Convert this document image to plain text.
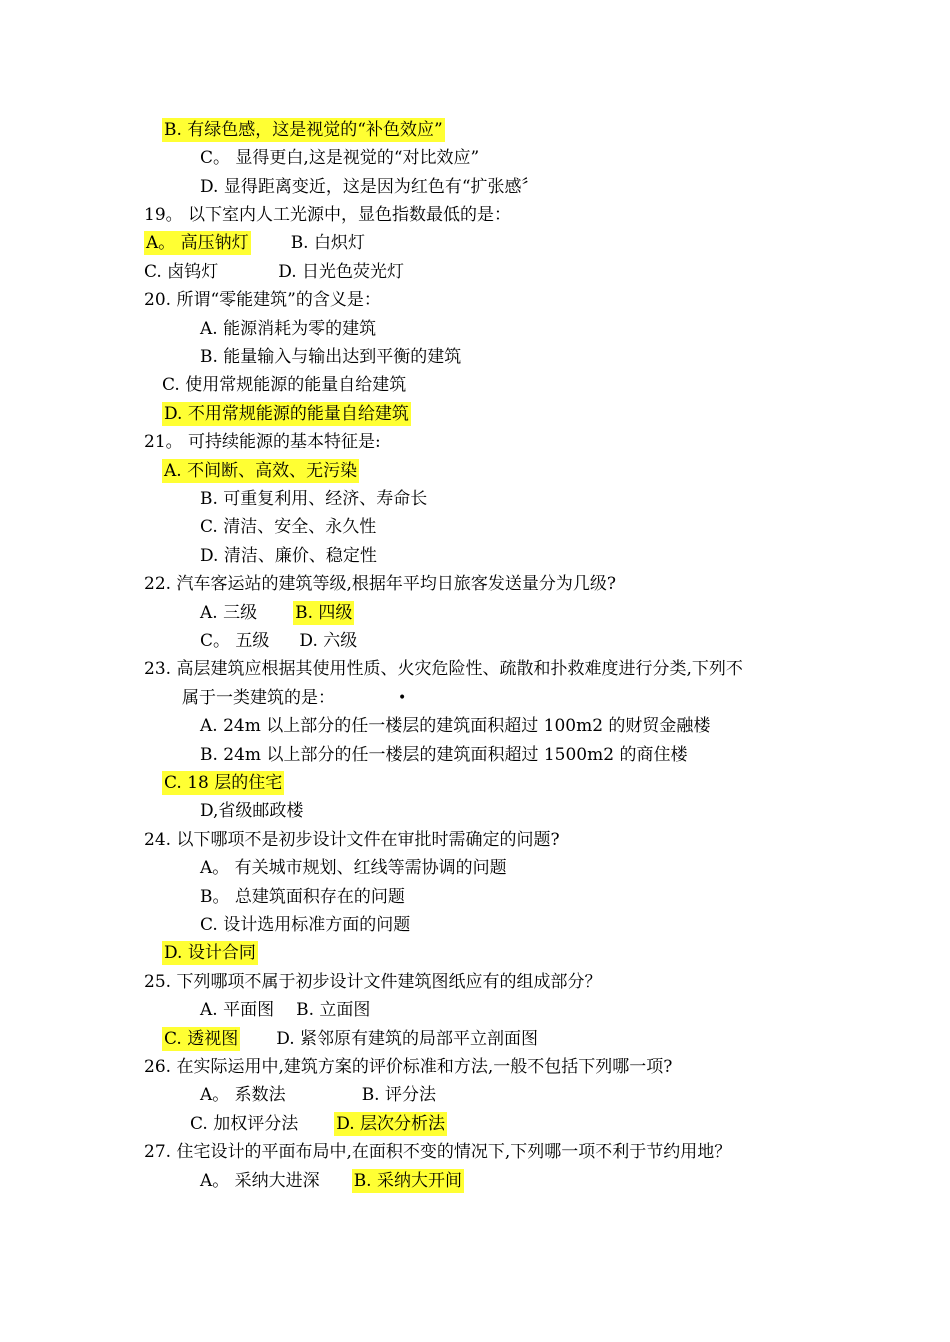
•
B. 有绿色感，这是视觉的“补色效应”
C。 显得更白,这是视觉的“对比效应”
D. 显得距离变近，这是因为红色有“扩张感〞
19。 以下室内人工光源中，显色指数最低的是：
A。 高压钠灯 B. 白炽灯
C. 卤钨灯	D. 日光色荧光灯
20. 所谓“零能建筑”的含义是：
A. 能源消耗为零的建筑
B. 能量输入与输出达到平衡的建筑
C. 使用常规能源的能量自给建筑
D. 不用常规能源的能量自给建筑
21。 可持续能源的基本特征是:
A. 不间断、高效、无污染
B. 可重复利用、经济、寿命长
C. 清洁、安全、永久性
D. 清洁、廉价、稳定性
22. 汽车客运站的建筑等级,根据年平均日旅客发送量分为几级?
A. 三级 B. 四级
C。 五级 D. 六级
23. 高层建筑应根据其使用性质、火灾危险性、疏散和扑救难度进行分类,下列不
属于一类建筑的是：
A. 24m 以上部分的任一楼层的建筑面积超过 100m2 的财贸金融楼
B. 24m 以上部分的任一楼层的建筑面积超过 1500m2 的商住楼
C. 18 层的住宅
D,省级邮政楼
24. 以下哪项不是初步设计文件在审批时需确定的问题?
A。 有关城市规划、红线等需协调的问题
B。 总建筑面积存在的问题
C. 设计选用标准方面的问题
D. 设计合同
25. 下列哪项不属于初步设计文件建筑图纸应有的组成部分？
A. 平面图 B. 立面图
C. 透视图 D. 紧邻原有建筑的局部平立剖面图
26. 在实际运用中,建筑方案的评价标准和方法,一般不包括下列哪一项?
A。 系数法	B. 评分法
C. 加权评分法 D. 层次分析法
27. 住宅设计的平面布局中,在面积不变的情况下,下列哪一项不利于节约用地？
A。 采纳大进深 B. 采纳大开间
